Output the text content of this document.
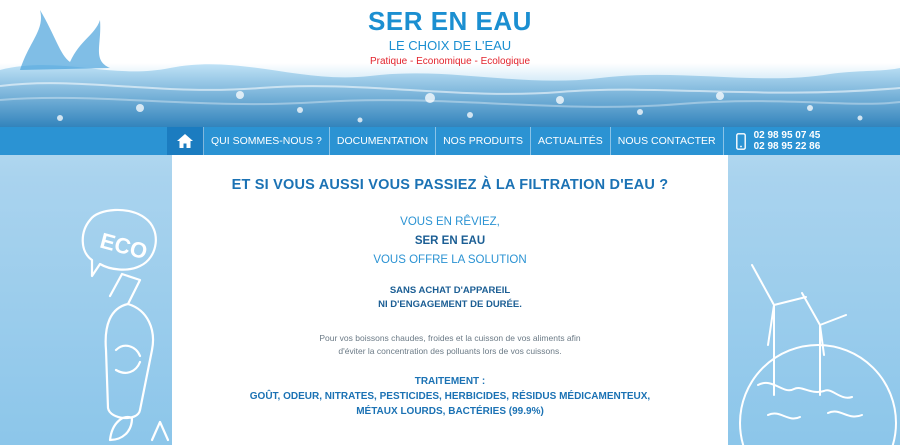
SER EN EAU
LE CHOIX DE L'EAU
Pratique - Economique - Ecologique
QUI SOMMES-NOUS ?	DOCUMENTATION	NOS PRODUITS	ACTUALITÉS	NOUS CONTACTER	02 98 95 07 45
02 98 95 22 86
ECO
ET SI VOUS AUSSI VOUS PASSIEZ À LA FILTRATION D'EAU ?
VOUS EN RÊVIEZ,
SER EN EAU
VOUS OFFRE LA SOLUTION
SANS ACHAT D'APPAREIL
NI D'ENGAGEMENT DE DURÉE.
Pour vos boissons chaudes, froides et la cuisson de vos aliments afin
d'éviter la concentration des polluants lors de vos cuissons.
TRAITEMENT :
GOÛT, ODEUR, NITRATES, PESTICIDES, HERBICIDES, RÉSIDUS MÉDICAMENTEUX,
MÉTAUX LOURDS, BACTÉRIES (99.9%)
